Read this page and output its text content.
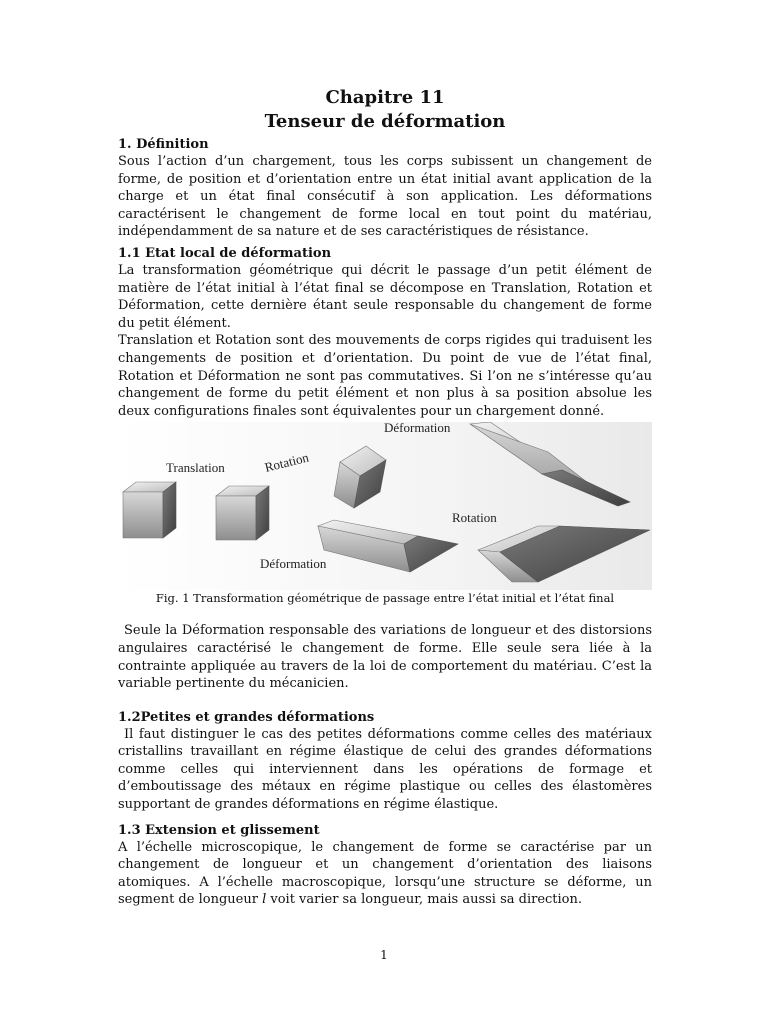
Chapitre 11

Tenseur de déformation

1. Définition

Sous l’action d’un chargement, tous les corps subissent un changement de forme, de position et d’orientation entre un état initial avant application de la charge et un état final consécutif à son application. Les déformations caractérisent le changement de forme local en tout point du matériau, indépendamment de sa nature et de ses caractéristiques de résistance.

1.1 Etat local de déformation

La transformation géométrique qui décrit le passage d’un petit élément de matière de l’état initial à l’état final se décompose en Translation, Rotation et Déformation, cette dernière étant seule responsable du changement de forme du petit élément.

Translation et Rotation sont des mouvements de corps rigides qui traduisent les changements de position et d’orientation. Du point de vue de l’état final, Rotation et Déformation ne sont pas commutatives. Si l’on ne s’intéresse qu’au changement de forme du petit élément et non plus à sa position absolue les deux configurations finales sont équivalentes pour un chargement donné.

Translation	Rotation
Déformation
Rotation
Déformation

Fig. 1 Transformation géométrique de passage entre l’état initial et l’état final

Seule la Déformation responsable des variations de longueur et des distorsions angulaires caractérisé le changement de forme. Elle seule sera liée à la contrainte appliquée au travers de la loi de comportement du matériau. C’est la variable pertinente du mécanicien.

1.2Petites et grandes déformations

Il faut distinguer le cas des petites déformations comme celles des matériaux cristallins travaillant en régime élastique de celui des grandes déformations comme celles qui interviennent dans les opérations de formage et d’emboutissage des métaux en régime plastique ou celles des élastomères supportant de grandes déformations en régime élastique.

1.3 Extension et glissement

A l’échelle microscopique, le changement de forme se caractérise par un changement de longueur et un changement d’orientation des liaisons atomiques. A l’échelle macroscopique, lorsqu’une structure se déforme, un segment de longueur l voit varier sa longueur, mais aussi sa direction.

1
